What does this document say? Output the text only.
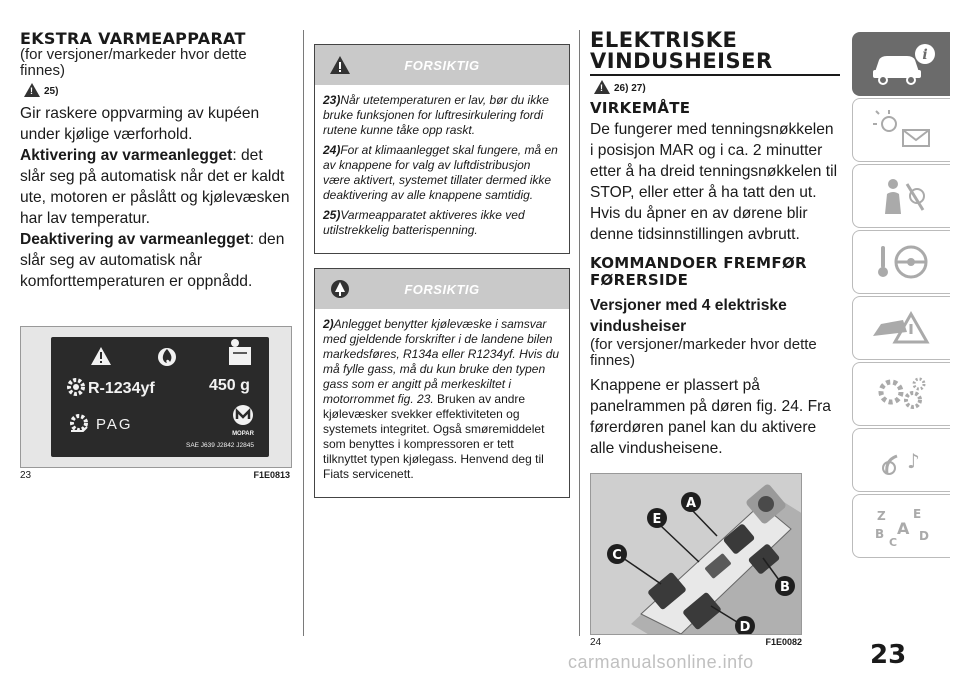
EKSTRA VARMEAPPARAT
(for versjoner/markeder hvor dette finnes)
! 25)

Gir raskere oppvarming av kupéen under kjølige værforhold.

Aktivering av varmeanlegget: det slår seg på automatisk når det er kaldt ute, motoren er påslått og kjølevæsken har lav temperatur.

Deaktivering av varmeanlegget: den slår seg av automatisk når komforttemperaturen er oppnådd.

R-1234yf	450 g
PAG
MOPAR
SAE J639 J2842 J2845
23	F1E0813
FORSIKTIG

23)Når utetemperaturen er lav, bør du ikke bruke funksjonen for luftresirkulering fordi rutene kunne tåke opp raskt.

24)For at klimaanlegget skal fungere, må en av knappene for valg av luftdistribusjon være aktivert, systemet tillater dermed ikke deaktivering av alle knappene samtidig.

25)Varmeapparatet aktiveres ikke ved utilstrekkelig batterispenning.

FORSIKTIG

2)Anlegget benytter kjølevæske i samsvar med gjeldende forskrifter i de landene bilen markedsføres, R134a eller R1234yf. Hvis du må fylle gass, må du kun bruke den typen gass som er angitt på merkeskiltet i motorrommet fig. 23. Bruken av andre kjølevæsker svekker effektiviteten og systemets integritet. Også smøremiddelet som benyttes i kompressoren er tett tilknyttet typen kjølegass. Henvend deg til Fiats servicenett.

ELEKTRISKE
VINDUSHEISER
! 26) 27)
VIRKEMÅTE

De fungerer med tenningsnøkkelen i posisjon MAR og i ca. 2 minutter etter å ha dreid tenningsnøkkelen til STOP, eller etter å ha tatt den ut. Hvis du åpner en av dørene blir denne tidsinnstillingen avbrutt.

KOMMANDOER FREMFØR
FØRERSIDE

Versjoner med 4 elektriske vindusheiser

(for versjoner/markeder hvor dette finnes)

Knappene er plassert på panelrammen på døren fig. 24. Fra førerdøren panel kan du aktivere alle vindusheisene.

A
E
C
B
D
24	F1E0082
i
♪
Z E
B A
C D
23
carmanualsonline.info
